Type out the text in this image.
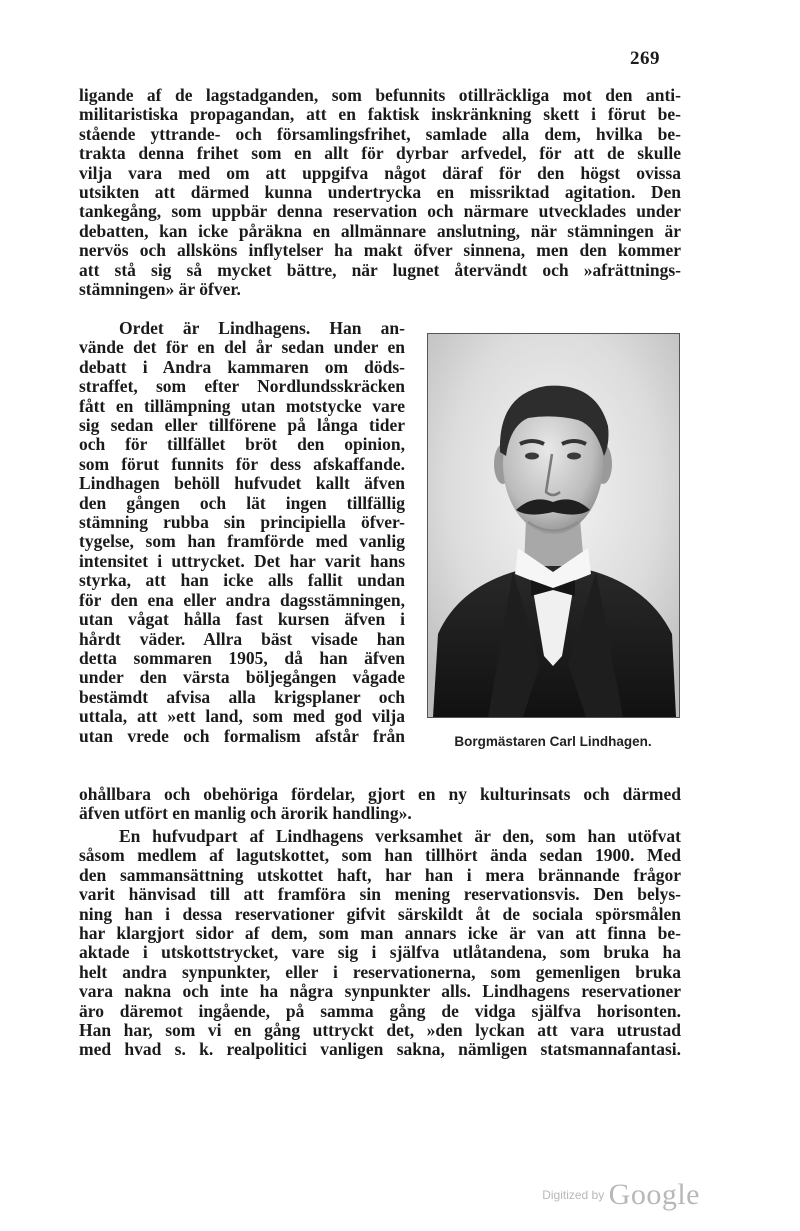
269
ligande af de lagstadganden, som befunnits otillräckliga mot den anti-
militaristiska propagandan, att en faktisk inskränkning skett i förut be-
stående yttrande- och församlingsfrihet, samlade alla dem, hvilka be-
trakta denna frihet som en allt för dyrbar arfvedel, för att de skulle
vilja vara med om att uppgifva något däraf för den högst ovissa
utsikten att därmed kunna undertrycka en missriktad agitation. Den
tankegång, som uppbär denna reservation och närmare utvecklades under
debatten, kan icke påräkna en allmännare anslutning, när stämningen är
nervös och allsköns inflytelser ha makt öfver sinnena, men den kommer
att stå sig så mycket bättre, när lugnet återvändt och »afrättnings-
stämningen» är öfver.
Ordet är Lindhagens. Han an-
vände det för en del år sedan under en
debatt i Andra kammaren om döds-
straffet, som efter Nordlundsskräcken
fått en tillämpning utan motstycke vare
sig sedan eller tillförene på långa tider
och för tillfället bröt den opinion,
som förut funnits för dess afskaffande.
Lindhagen behöll hufvudet kallt äfven
den gången och lät ingen tillfällig
stämning rubba sin principiella öfver-
tygelse, som han framförde med vanlig
intensitet i uttrycket. Det har varit hans
styrka, att han icke alls fallit undan
för den ena eller andra dagsstämningen,
utan vågat hålla fast kursen äfven i
hårdt väder. Allra bäst visade han
detta sommaren 1905, då han äfven
under den värsta böljegången vågade
bestämdt afvisa alla krigsplaner och
uttala, att »ett land, som med god vilja
utan vrede och formalism afstår från	Borgmästaren Carl Lindhagen.
ohållbara och obehöriga fördelar, gjort en ny kulturinsats och därmed
äfven utfört en manlig och ärorik handling».
En hufvudpart af Lindhagens verksamhet är den, som han utöfvat
såsom medlem af lagutskottet, som han tillhört ända sedan 1900. Med
den sammansättning utskottet haft, har han i mera brännande frågor
varit hänvisad till att framföra sin mening reservationsvis. Den belys-
ning han i dessa reservationer gifvit särskildt åt de sociala spörsmålen
har klargjort sidor af dem, som man annars icke är van att finna be-
aktade i utskottstrycket, vare sig i själfva utlåtandena, som bruka ha
helt andra synpunkter, eller i reservationerna, som gemenligen bruka
vara nakna och inte ha några synpunkter alls. Lindhagens reservationer
äro däremot ingående, på samma gång de vidga själfva horisonten.
Han har, som vi en gång uttryckt det, »den lyckan att vara utrustad
med hvad s. k. realpolitici vanligen sakna, nämligen statsmannafantasi.
Digitized by Google
